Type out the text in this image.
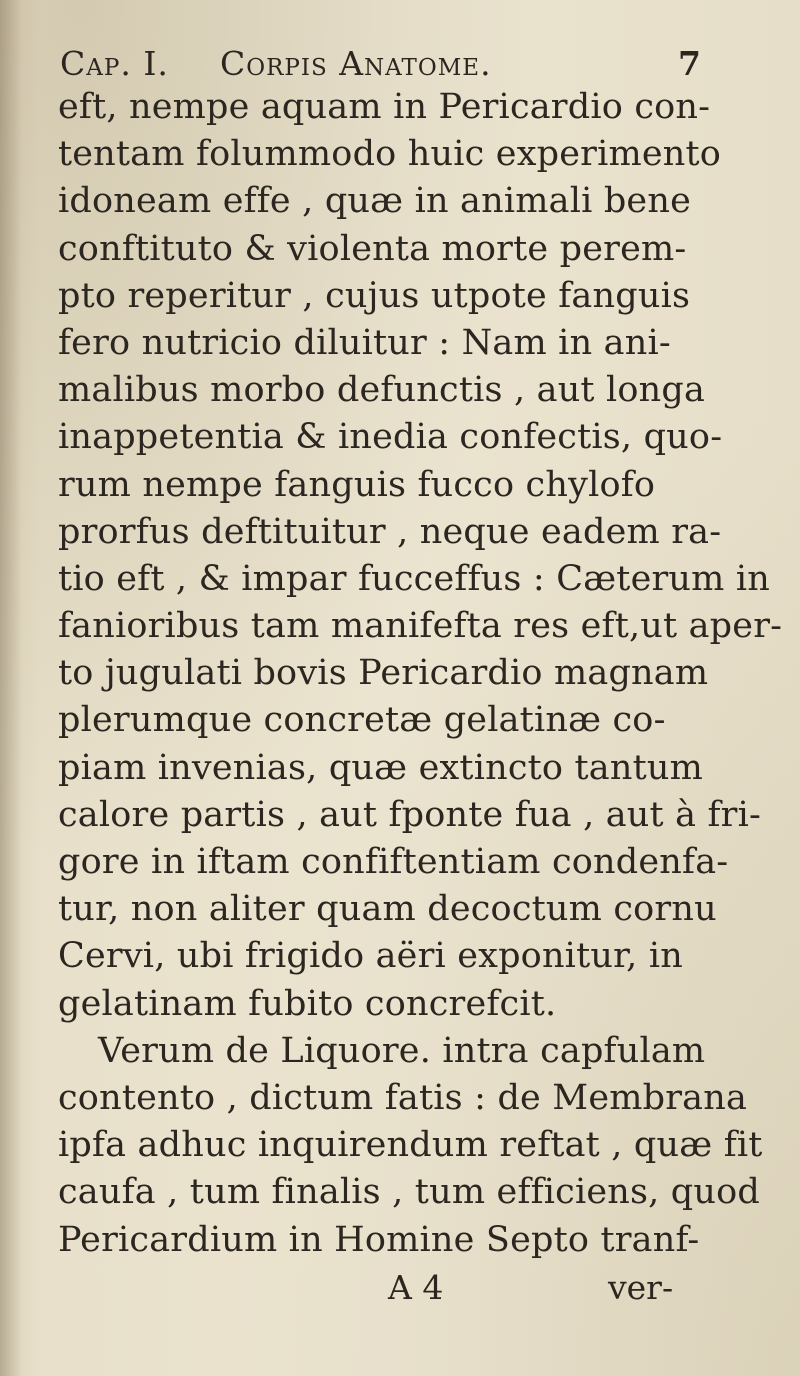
Cap. I. Corpis Anatome.	7
eft, nempe aquam in Pericardio con-
tentam folummodo huic experimento
idoneam effe , quæ in animali bene
conftituto & violenta morte perem-
pto reperitur , cujus utpote fanguis
fero nutricio diluitur : Nam in ani-
malibus morbo defunctis , aut longa
inappetentia & inedia confectis, quo-
rum nempe fanguis fucco chylofo
prorfus deftituitur , neque eadem ra-
tio eft , & impar fucceffus : Cæterum in
fanioribus tam manifefta res eft,ut aper-
to jugulati bovis Pericardio magnam
plerumque concretæ gelatinæ co-
piam invenias, quæ extincto tantum
calore partis , aut fponte fua , aut à fri-
gore in iftam confiftentiam condenfa-
tur, non aliter quam decoctum cornu
Cervi, ubi frigido aëri exponitur, in
gelatinam fubito concrefcit.
Verum de Liquore. intra capfulam
contento , dictum fatis : de Membrana
ipfa adhuc inquirendum reftat , quæ fit
caufa , tum finalis , tum efficiens, quod
Pericardium in Homine Septo tranf-
A 4	ver-
